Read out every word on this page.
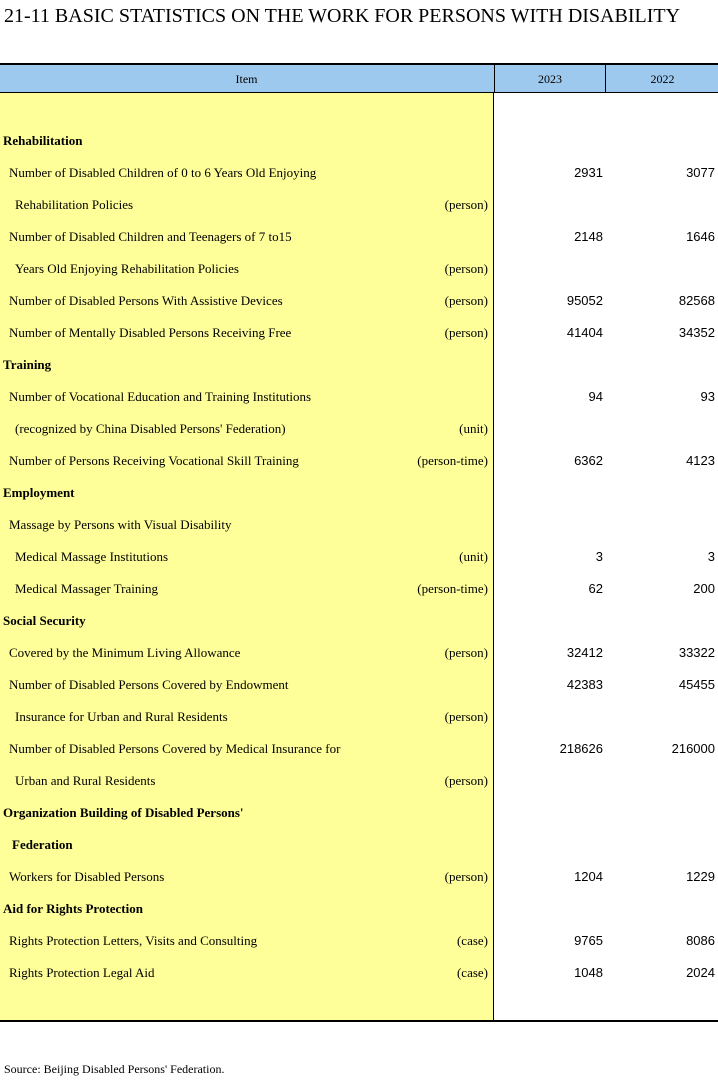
21-11 BASIC STATISTICS ON THE WORK FOR PERSONS WITH DISABILITY
Item	2023	2022
Rehabilitation
Number of Disabled Children of 0 to 6 Years Old Enjoying	2931	3077
Rehabilitation Policies	(person)
Number of Disabled Children and Teenagers of 7 to15	2148	1646
Years Old Enjoying Rehabilitation Policies	(person)
Number of Disabled Persons With Assistive Devices	(person)	95052	82568
Number of Mentally Disabled Persons Receiving Free	(person)	41404	34352
Training
Number of Vocational Education and Training Institutions	94	93
(recognized by China Disabled Persons' Federation)	(unit)
Number of Persons Receiving Vocational Skill Training	(person-time)	6362	4123
Employment
Massage by Persons with Visual Disability
Medical Massage Institutions	(unit)	3	3
Medical Massager Training	(person-time)	62	200
Social Security
Covered by the Minimum Living Allowance	(person)	32412	33322
Number of Disabled Persons Covered by Endowment	42383	45455
Insurance for Urban and Rural Residents	(person)
Number of Disabled Persons Covered by Medical Insurance for	218626	216000
Urban and Rural Residents	(person)
Organization Building of Disabled Persons'
Federation
Workers for Disabled Persons	(person)	1204	1229
Aid for Rights Protection
Rights Protection Letters, Visits and Consulting	(case)	9765	8086
Rights Protection Legal Aid	(case)	1048	2024
Source: Beijing Disabled Persons' Federation.
